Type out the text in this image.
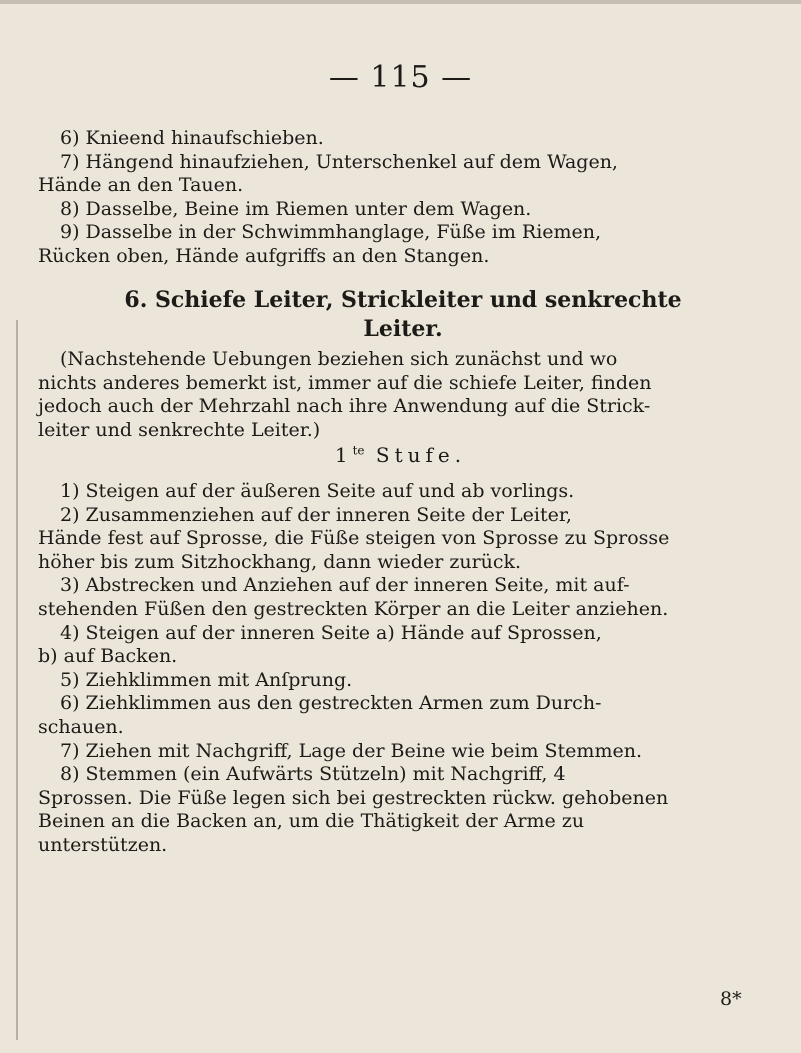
— 115 —

6) Knieend hinaufschieben.

7) Hängend hinaufziehen, Unterschenkel auf dem Wagen,
Hände an den Tauen.

8) Dasselbe, Beine im Riemen unter dem Wagen.

9) Dasselbe in der Schwimmhanglage, Füße im Riemen,
Rücken oben, Hände aufgriffs an den Stangen.

6. Schiefe Leiter, Strickleiter und senkrechte
Leiter.

(Nachstehende Uebungen beziehen sich zunächst und wo
nichts anderes bemerkt ist, immer auf die schiefe Leiter, finden
jedoch auch der Mehrzahl nach ihre Anwendung auf die Strick-
leiter und senkrechte Leiter.)

$1^{te}$ Stufe.

1) Steigen auf der äußeren Seite auf und ab vorlings.

2) Zusammenziehen auf der inneren Seite der Leiter,
Hände fest auf Sprosse, die Füße steigen von Sprosse zu Sprosse
höher bis zum Sitzhockhang, dann wieder zurück.

3) Abstrecken und Anziehen auf der inneren Seite, mit auf-
stehenden Füßen den gestreckten Körper an die Leiter anziehen.

4) Steigen auf der inneren Seite a) Hände auf Sprossen,
b) auf Backen.

5) Ziehklimmen mit Anſprung.

6) Ziehklimmen aus den gestreckten Armen zum Durch-
schauen.

7) Ziehen mit Nachgriff, Lage der Beine wie beim Stemmen.

8) Stemmen (ein Aufwärts Stützeln) mit Nachgriff, 4
Sprossen. Die Füße legen sich bei gestreckten rückw. gehobenen
Beinen an die Backen an, um die Thätigkeit der Arme zu
unterstützen.

8*
